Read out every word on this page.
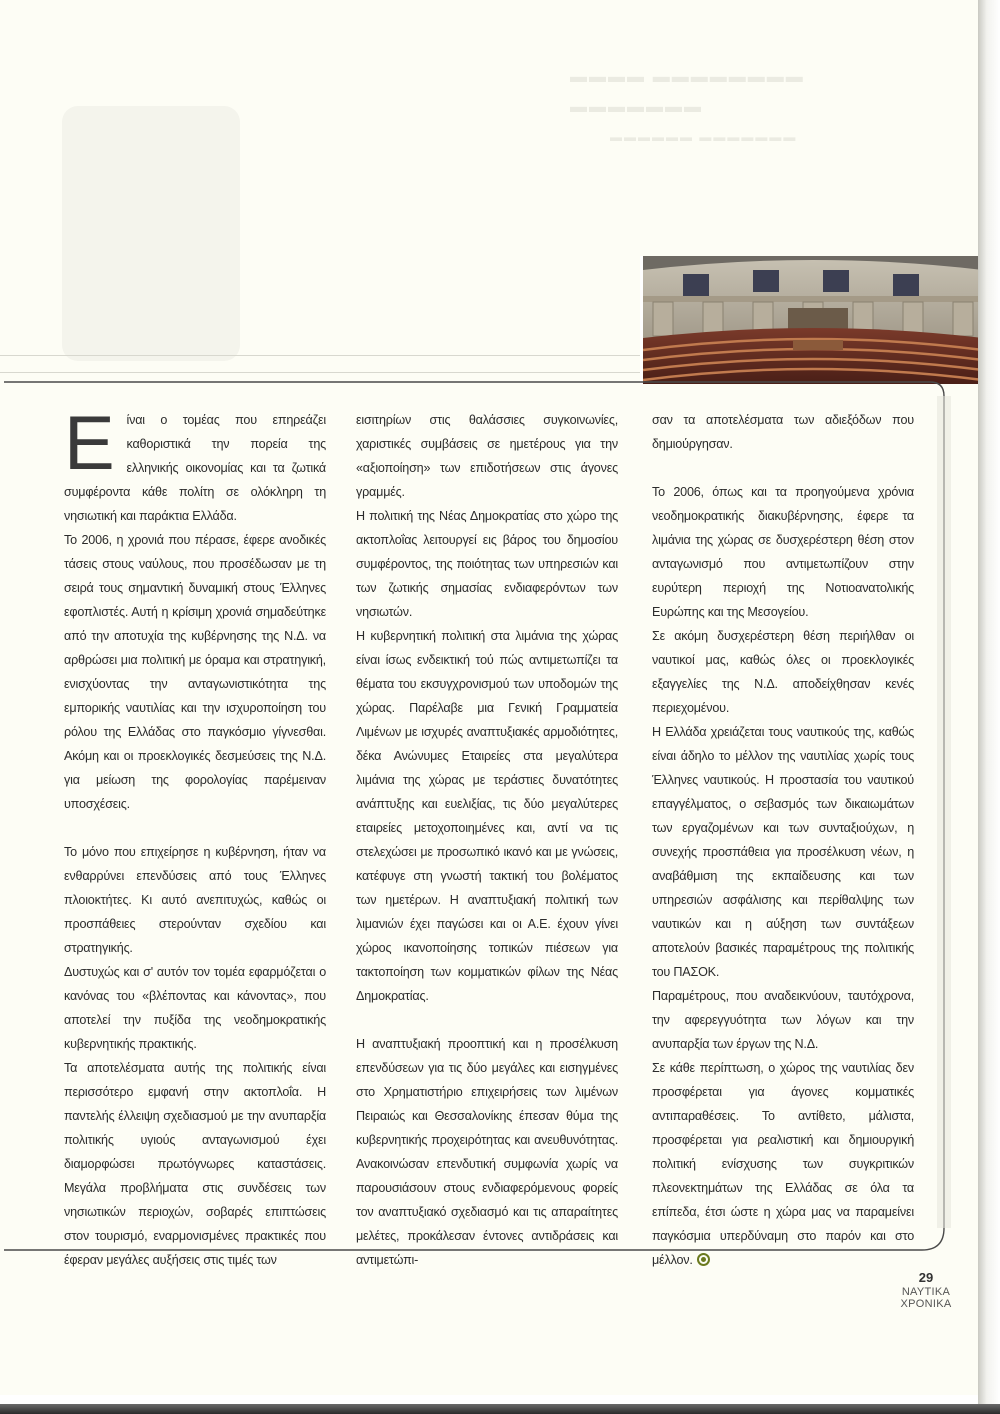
▬▬▬▬ ▬▬▬▬▬▬▬▬ ▬▬▬▬▬▬▬
▬▬▬▬▬▬ ▬▬▬▬▬▬▬

Είναι ο τομέας που επηρεάζει καθοριστικά την πορεία της ελληνικής οικονομίας και τα ζωτικά συμφέροντα κάθε πολίτη σε ολόκληρη τη νησιωτική και παράκτια Ελλάδα.

Το 2006, η χρονιά που πέρασε, έφερε ανοδικές τάσεις στους ναύλους, που προσέδωσαν με τη σειρά τους σημαντική δυναμική στους Έλληνες εφοπλιστές. Αυτή η κρίσιμη χρονιά σημαδεύτηκε από την αποτυχία της κυβέρνησης της Ν.Δ. να αρθρώσει μια πολιτική με όραμα και στρατηγική, ενισχύοντας την ανταγωνιστικότητα της εμπορικής ναυτιλίας και την ισχυροποίηση του ρόλου της Ελλάδας στο παγκόσμιο γίγνεσθαι. Ακόμη και οι προεκλογικές δεσμεύσεις της Ν.Δ. για μείωση της φορολογίας παρέμειναν υποσχέσεις.

Το μόνο που επιχείρησε η κυβέρνηση, ήταν να ενθαρρύνει επενδύσεις από τους Έλληνες πλοιοκτήτες. Κι αυτό ανεπιτυχώς, καθώς οι προσπάθειες στερούνταν σχεδίου και στρατηγικής.

Δυστυχώς και σ' αυτόν τον τομέα εφαρμόζεται ο κανόνας του «βλέποντας και κάνοντας», που αποτελεί την πυξίδα της νεοδημοκρατικής κυβερνητικής πρακτικής.

Τα αποτελέσματα αυτής της πολιτικής είναι περισσότερο εμφανή στην ακτοπλοΐα. Η παντελής έλλειψη σχεδιασμού με την ανυπαρξία πολιτικής υγιούς ανταγωνισμού έχει διαμορφώσει πρωτόγνωρες καταστάσεις. Μεγάλα προβλήματα στις συνδέσεις των νησιωτικών περιοχών, σοβαρές επιπτώσεις στον τουρισμό, εναρμονισμένες πρακτικές που έφεραν μεγάλες αυξήσεις στις τιμές των

εισιτηρίων στις θαλάσσιες συγκοινωνίες, χαριστικές συμβάσεις σε ημετέρους για την «αξιοποίηση» των επιδοτήσεων στις άγονες γραμμές.

Η πολιτική της Νέας Δημοκρατίας στο χώρο της ακτοπλοΐας λειτουργεί εις βάρος του δημοσίου συμφέροντος, της ποιότητας των υπηρεσιών και των ζωτικής σημασίας ενδιαφερόντων των νησιωτών.

Η κυβερνητική πολιτική στα λιμάνια της χώρας είναι ίσως ενδεικτική τού πώς αντιμετωπίζει τα θέματα του εκσυγχρονισμού των υποδομών της χώρας. Παρέλαβε μια Γενική Γραμματεία Λιμένων με ισχυρές αναπτυξιακές αρμοδιότητες, δέκα Ανώνυμες Εταιρείες στα μεγαλύτερα λιμάνια της χώρας με τεράστιες δυνατότητες ανάπτυξης και ευελιξίας, τις δύο μεγαλύτερες εταιρείες μετοχοποιημένες και, αντί να τις στελεχώσει με προσωπικό ικανό και με γνώσεις, κατέφυγε στη γνωστή τακτική του βολέματος των ημετέρων. Η αναπτυξιακή πολιτική των λιμανιών έχει παγώσει και οι Α.Ε. έχουν γίνει χώρος ικανοποίησης τοπικών πιέσεων για τακτοποίηση των κομματικών φίλων της Νέας Δημοκρατίας.

Η αναπτυξιακή προοπτική και η προσέλκυση επενδύσεων για τις δύο μεγάλες και εισηγμένες στο Χρηματιστήριο επιχειρήσεις των λιμένων Πειραιώς και Θεσσαλονίκης έπεσαν θύμα της κυβερνητικής προχειρότητας και ανευθυνότητας. Ανακοινώσαν επενδυτική συμφωνία χωρίς να παρουσιάσουν στους ενδιαφερόμενους φορείς τον αναπτυξιακό σχεδιασμό και τις απαραίτητες μελέτες, προκάλεσαν έντονες αντιδράσεις και αντιμετώπι-

σαν τα αποτελέσματα των αδιεξόδων που δημιούργησαν.

Το 2006, όπως και τα προηγούμενα χρόνια νεοδημοκρατικής διακυβέρνησης, έφερε τα λιμάνια της χώρας σε δυσχερέστερη θέση στον ανταγωνισμό που αντιμετωπίζουν στην ευρύτερη περιοχή της Νοτιοανατολικής Ευρώπης και της Μεσογείου.

Σε ακόμη δυσχερέστερη θέση περιήλθαν οι ναυτικοί μας, καθώς όλες οι προεκλογικές εξαγγελίες της Ν.Δ. αποδείχθησαν κενές περιεχομένου.

Η Ελλάδα χρειάζεται τους ναυτικούς της, καθώς είναι άδηλο το μέλλον της ναυτιλίας χωρίς τους Έλληνες ναυτικούς. Η προστασία του ναυτικού επαγγέλματος, ο σεβασμός των δικαιωμάτων των εργαζομένων και των συνταξιούχων, η συνεχής προσπάθεια για προσέλκυση νέων, η αναβάθμιση της εκπαίδευσης και των υπηρεσιών ασφάλισης και περίθαλψης των ναυτικών και η αύξηση των συντάξεων αποτελούν βασικές παραμέτρους της πολιτικής του ΠΑΣΟΚ.

Παραμέτρους, που αναδεικνύουν, ταυτόχρονα, την αφερεγγυότητα των λόγων και την ανυπαρξία των έργων της Ν.Δ.

Σε κάθε περίπτωση, ο χώρος της ναυτιλίας δεν προσφέρεται για άγονες κομματικές αντιπαραθέσεις. Το αντίθετο, μάλιστα, προσφέρεται για ρεαλιστική και δημιουργική πολιτική ενίσχυσης των συγκριτικών πλεονεκτημάτων της Ελλάδας σε όλα τα επίπεδα, έτσι ώστε η χώρα μας να παραμείνει παγκόσμια υπερδύναμη στο παρόν και στο μέλλον.

29
ΝΑΥΤΙΚΑ
ΧΡΟΝΙΚΑ
